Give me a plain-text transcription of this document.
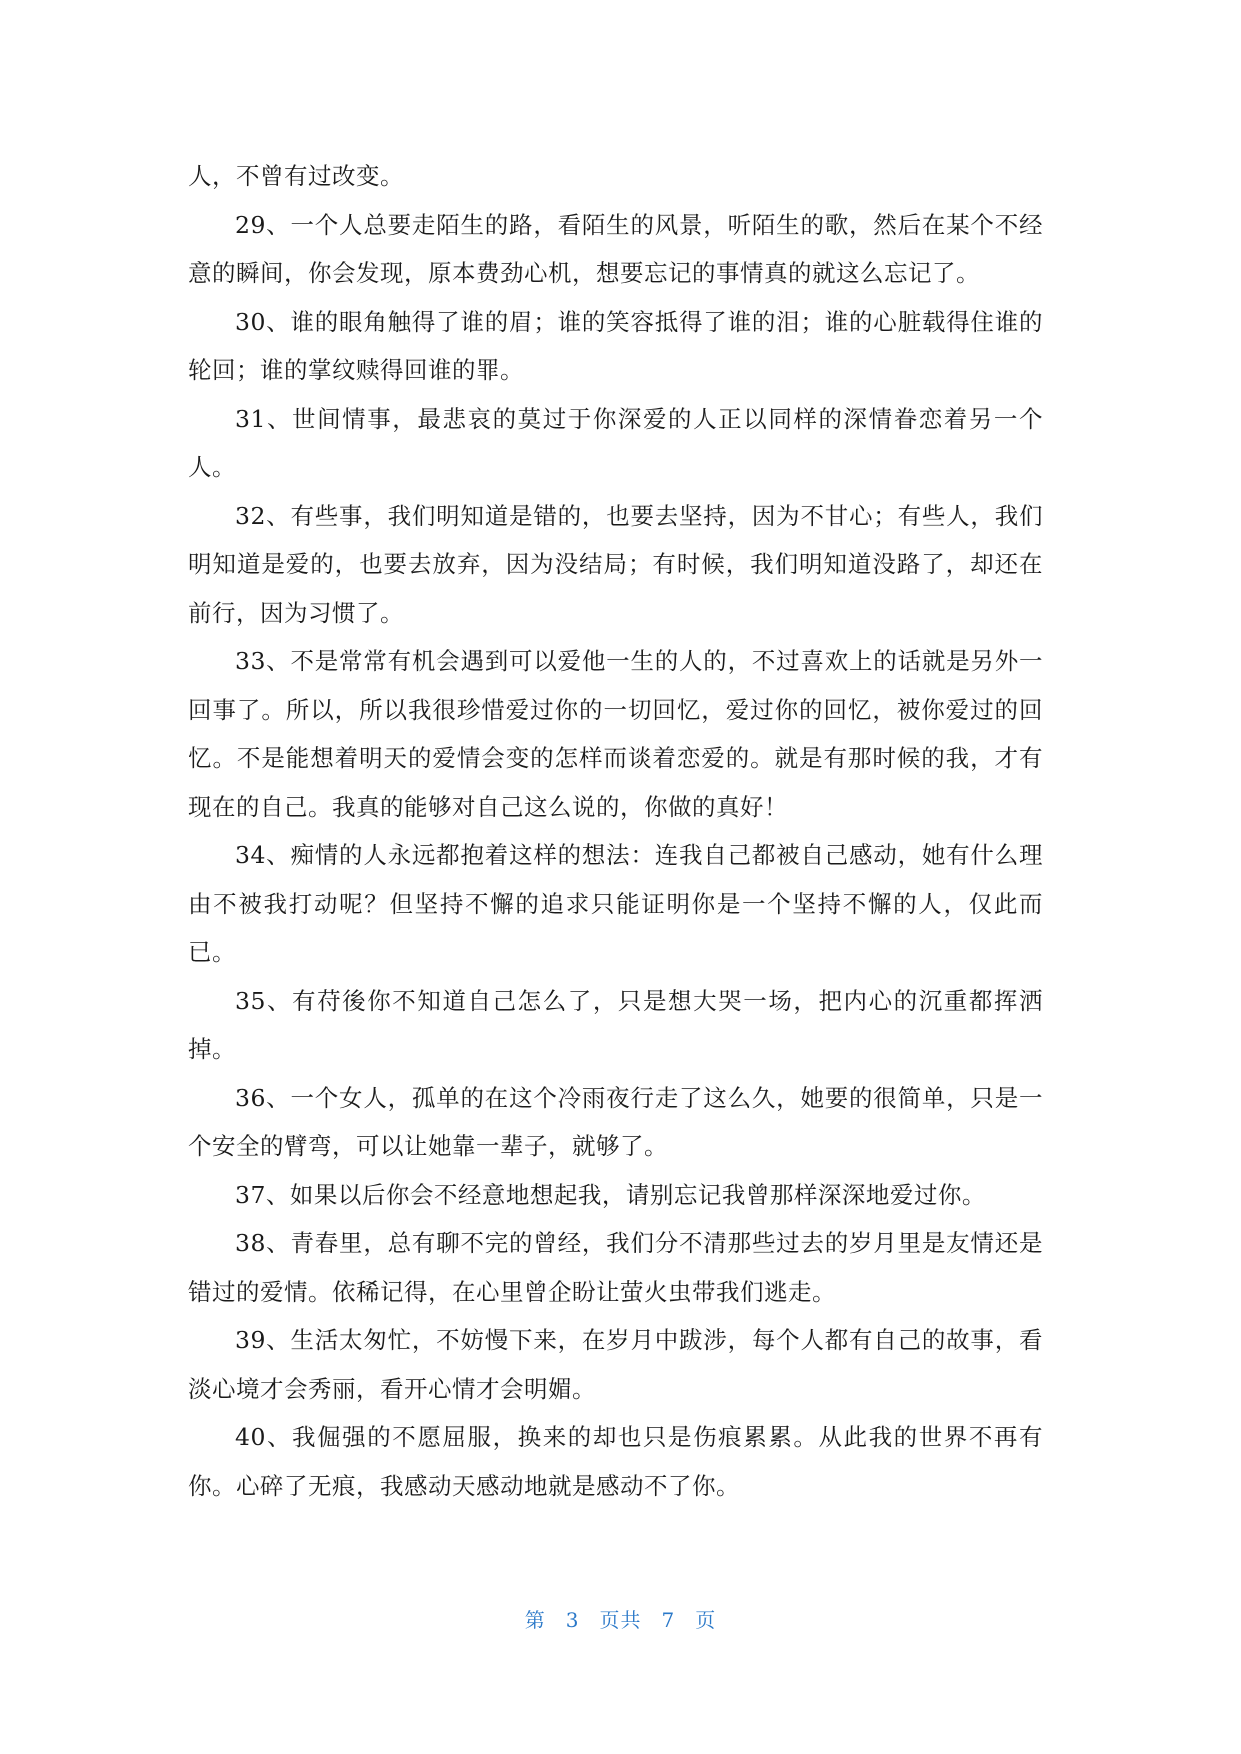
人，不曾有过改变。

29、一个人总要走陌生的路，看陌生的风景，听陌生的歌，然后在某个不经意的瞬间，你会发现，原本费劲心机，想要忘记的事情真的就这么忘记了。

30、谁的眼角触得了谁的眉；谁的笑容抵得了谁的泪；谁的心脏载得住谁的轮回；谁的掌纹赎得回谁的罪。

31、世间情事，最悲哀的莫过于你深爱的人正以同样的深情眷恋着另一个人。

32、有些事，我们明知道是错的，也要去坚持，因为不甘心；有些人，我们明知道是爱的，也要去放弃，因为没结局；有时候，我们明知道没路了，却还在前行，因为习惯了。

33、不是常常有机会遇到可以爱他一生的人的，不过喜欢上的话就是另外一回事了。所以，所以我很珍惜爱过你的一切回忆，爱过你的回忆，被你爱过的回忆。不是能想着明天的爱情会变的怎样而谈着恋爱的。就是有那时候的我，才有现在的自己。我真的能够对自己这么说的，你做的真好！

34、痴情的人永远都抱着这样的想法：连我自己都被自己感动，她有什么理由不被我打动呢？但坚持不懈的追求只能证明你是一个坚持不懈的人，仅此而已。

35、有苻後你不知道自己怎么了，只是想大哭一场，把内心的沉重都挥洒掉。

36、一个女人，孤单的在这个冷雨夜行走了这么久，她要的很简单，只是一个安全的臂弯，可以让她靠一辈子，就够了。

37、如果以后你会不经意地想起我，请别忘记我曾那样深深地爱过你。

38、青春里，总有聊不完的曾经，我们分不清那些过去的岁月里是友情还是错过的爱情。依稀记得，在心里曾企盼让萤火虫带我们逃走。

39、生活太匆忙，不妨慢下来，在岁月中跋涉，每个人都有自己的故事，看淡心境才会秀丽，看开心情才会明媚。

40、我倔强的不愿屈服，换来的却也只是伤痕累累。从此我的世界不再有你。心碎了无痕，我感动天感动地就是感动不了你。

第 3 页共 7 页
